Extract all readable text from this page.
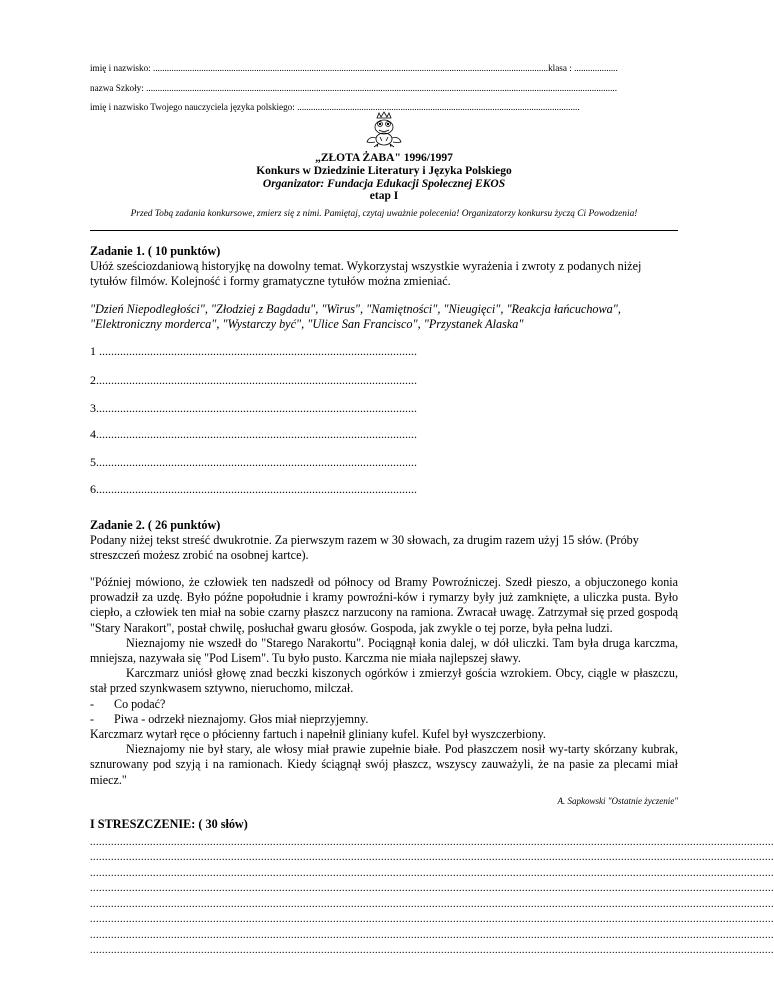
imię i nazwisko: ............................................................................................................................................................................klasa : ...................
nazwa Szkoły: .............................................................................................................................................................................................................
imię i nazwisko Twojego nauczyciela języka polskiego: ...........................................................................................................................
„ZŁOTA ŻABA" 1996/1997
Konkurs w Dziedzinie Literatury i Języka Polskiego
Organizator: Fundacja Edukacji Społecznej EKOS
etap I
Przed Tobą zadania konkursowe, zmierz się z nimi. Pamiętaj, czytaj uważnie polecenia! Organizatorzy konkursu życzą Ci Powodzenia!
Zadanie 1. ( 10 punktów)
Ułóż sześciozdaniową historyjkę na dowolny temat. Wykorzystaj wszystkie wyrażenia i zwroty z podanych niżej tytułów filmów. Kolejność i formy gramatyczne tytułów można zmieniać.
"Dzień Niepodległości", "Złodziej z Bagdadu", "Wirus", "Namiętności", "Nieugięci", "Reakcja łańcuchowa", "Elektroniczny morderca", "Wystarczy być", "Ulice San Francisco", "Przystanek Alaska"
1 ..........................................................................................................
2...........................................................................................................
3...........................................................................................................
4...........................................................................................................
5...........................................................................................................
6...........................................................................................................
Zadanie 2. ( 26 punktów)
Podany niżej tekst streść dwukrotnie. Za pierwszym razem w 30 słowach, za drugim razem użyj 15 słów. (Próby streszczeń możesz zrobić na osobnej kartce).

"Później mówiono, że człowiek ten nadszedł od północy od Bramy Powroźniczej. Szedł pieszo, a objuczonego konia prowadził za uzdę. Było późne popołudnie i kramy powroźni-ków i rymarzy były już zamknięte, a uliczka pusta. Było ciepło, a człowiek ten miał na sobie czarny płaszcz narzucony na ramiona. Zwracał uwagę. Zatrzymał się przed gospodą "Stary Narakort", postał chwilę, posłuchał gwaru głosów. Gospoda, jak zwykle o tej porze, była pełna ludzi.

Nieznajomy nie wszedł do "Starego Narakortu". Pociągnął konia dalej, w dół uliczki. Tam była druga karczma, mniejsza, nazywała się "Pod Lisem". Tu było pusto. Karczma nie miała najlepszej sławy.

Karczmarz uniósł głowę znad beczki kiszonych ogórków i zmierzył gościa wzrokiem. Obcy, ciągle w płaszczu, stał przed szynkwasem sztywno, nieruchomo, milczał.

- Co podać?

- Piwa - odrzekł nieznajomy. Głos miał nieprzyjemny.

Karczmarz wytarł ręce o płócienny fartuch i napełnił gliniany kufel. Kufel był wyszczerbiony.

Nieznajomy nie był stary, ale włosy miał prawie zupełnie białe. Pod płaszczem nosił wy-tarty skórzany kubrak, sznurowany pod szyją i na ramionach. Kiedy ściągnął swój płaszcz, wszyscy zauważyli, że na pasie za plecami miał miecz."

A. Sapkowski "Ostatnie życzenie"
I STRESZCZENIE: ( 30 słów)
....................................................................................................................................................................................................................................
....................................................................................................................................................................................................................................
....................................................................................................................................................................................................................................
....................................................................................................................................................................................................................................
....................................................................................................................................................................................................................................
....................................................................................................................................................................................................................................
....................................................................................................................................................................................................................................
....................................................................................................................................................................................................................................
